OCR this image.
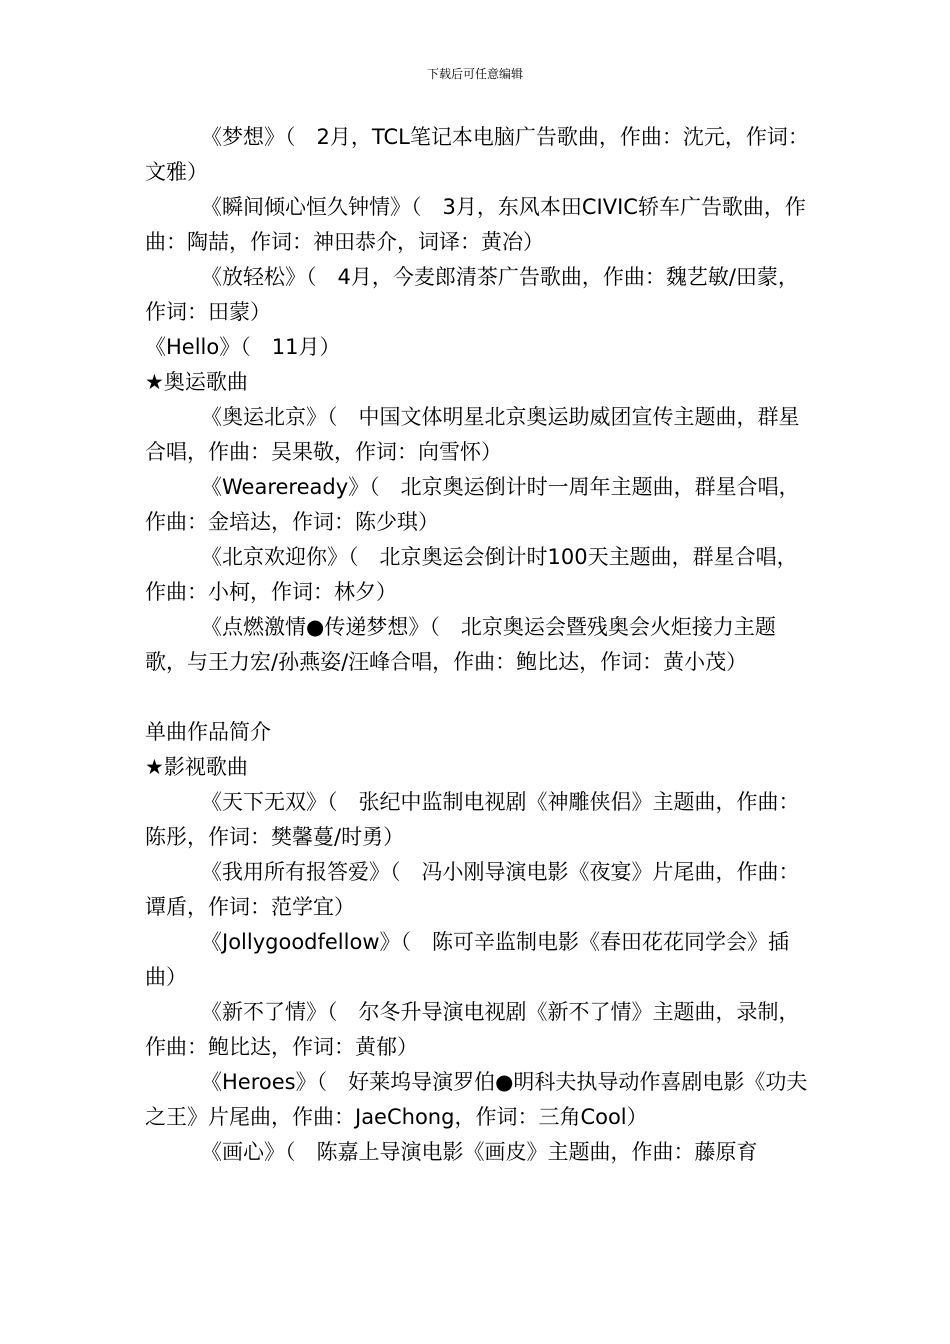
下载后可任意编辑

《梦想》（　2月，TCL笔记本电脑广告歌曲，作曲：沈元，作词：文雅）

《瞬间倾心恒久钟情》（　3月，东风本田CIVIC轿车广告歌曲，作曲：陶喆，作词：神田恭介，词译：黄冶）

《放轻松》（　4月，今麦郎清茶广告歌曲，作曲：魏艺敏/田蒙，作词：田蒙）

《Hello》（　11月）

★奥运歌曲

《奥运北京》（　中国文体明星北京奥运助威团宣传主题曲，群星合唱，作曲：吴果敬，作词：向雪怀）

《Weareready》（　北京奥运倒计时一周年主题曲，群星合唱，作曲：金培达，作词：陈少琪）

《北京欢迎你》（　北京奥运会倒计时100天主题曲，群星合唱，作曲：小柯，作词：林夕）

《点燃激情●传递梦想》（　北京奥运会暨残奥会火炬接力主题歌，与王力宏/孙燕姿/汪峰合唱，作曲：鲍比达，作词：黄小茂）

单曲作品简介

★影视歌曲

《天下无双》（　张纪中监制电视剧《神雕侠侣》主题曲，作曲：陈彤，作词：樊馨蔓/时勇）

《我用所有报答爱》（　冯小刚导演电影《夜宴》片尾曲，作曲：谭盾，作词：范学宜）

《Jollygoodfellow》（　陈可辛监制电影《春田花花同学会》插曲）

《新不了情》（　尔冬升导演电视剧《新不了情》主题曲，录制，作曲：鲍比达，作词：黄郁）

《Heroes》（　好莱坞导演罗伯●明科夫执导动作喜剧电影《功夫之王》片尾曲，作曲：JaeChong，作词：三角Cool）

《画心》（　陈嘉上导演电影《画皮》主题曲，作曲：藤原育
